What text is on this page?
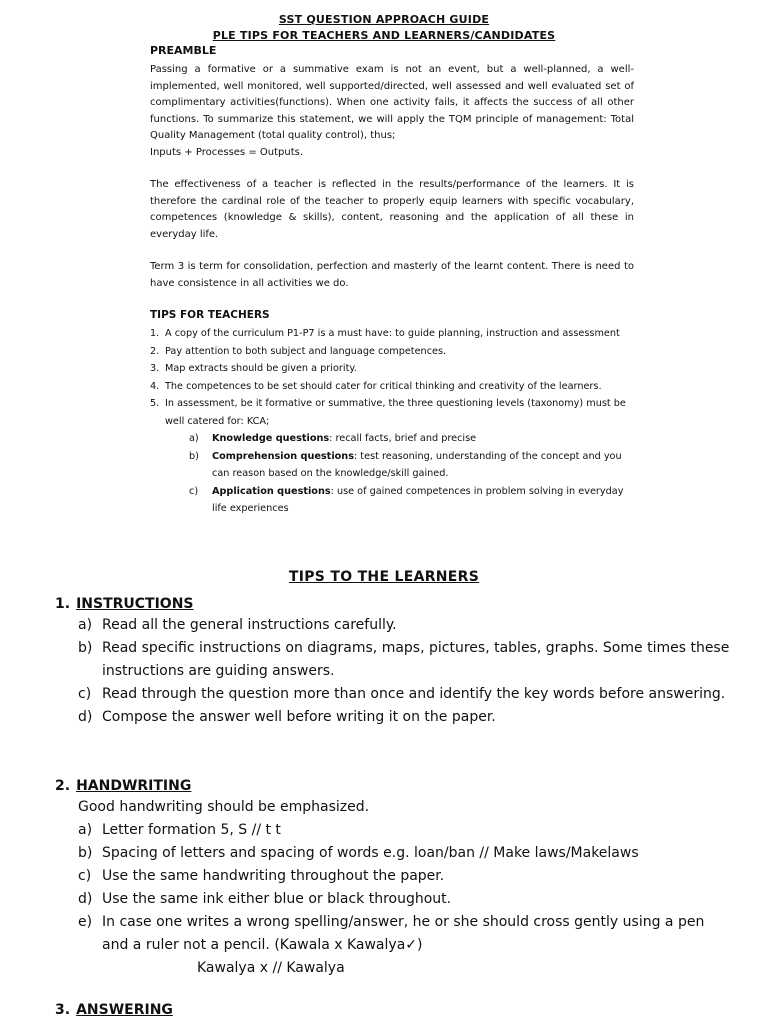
SST QUESTION APPROACH GUIDE
PLE TIPS FOR TEACHERS AND LEARNERS/CANDIDATES
PREAMBLE

Passing a formative or a summative exam is not an event, but a well-planned, a well-implemented, well monitored, well supported/directed, well assessed and well evaluated set of complimentary activities(functions). When one activity fails, it affects the success of all other functions. To summarize this statement, we will apply the TQM principle of management: Total Quality Management (total quality control), thus;

Inputs + Processes = Outputs.

The effectiveness of a teacher is reflected in the results/performance of the learners. It is therefore the cardinal role of the teacher to properly equip learners with specific vocabulary, competences (knowledge & skills), content, reasoning and the application of all these in everyday life.

Term 3 is term for consolidation, perfection and masterly of the learnt content. There is need to have consistence in all activities we do.

TIPS FOR TEACHERS
1. A copy of the curriculum P1-P7 is a must have: to guide planning, instruction and assessment
2. Pay attention to both subject and language competences.
3. Map extracts should be given a priority.
4. The competences to be set should cater for critical thinking and creativity of the learners.
5. In assessment, be it formative or summative, the three questioning levels (taxonomy) must be well catered for: KCA;
a) Knowledge questions: recall facts, brief and precise
b) Comprehension questions: test reasoning, understanding of the concept and you can reason based on the knowledge/skill gained.
c) Application questions: use of gained competences in problem solving in everyday life experiences
TIPS TO THE LEARNERS
1. INSTRUCTIONS
a) Read all the general instructions carefully.
b) Read specific instructions on diagrams, maps, pictures, tables, graphs. Some times these instructions are guiding answers.
c) Read through the question more than once and identify the key words before answering.
d) Compose the answer well before writing it on the paper.
2. HANDWRITING
Good handwriting should be emphasized.
a) Letter formation 5, S // t t
b) Spacing of letters and spacing of words e.g. loan/ban // Make laws/Makelaws
c) Use the same handwriting throughout the paper.
d) Use the same ink either blue or black throughout.
e) In case one writes a wrong spelling/answer, he or she should cross gently using a pen and a ruler not a pencil. (Kawala x Kawalya✓)
Kawalya x // Kawalya
3. ANSWERING
